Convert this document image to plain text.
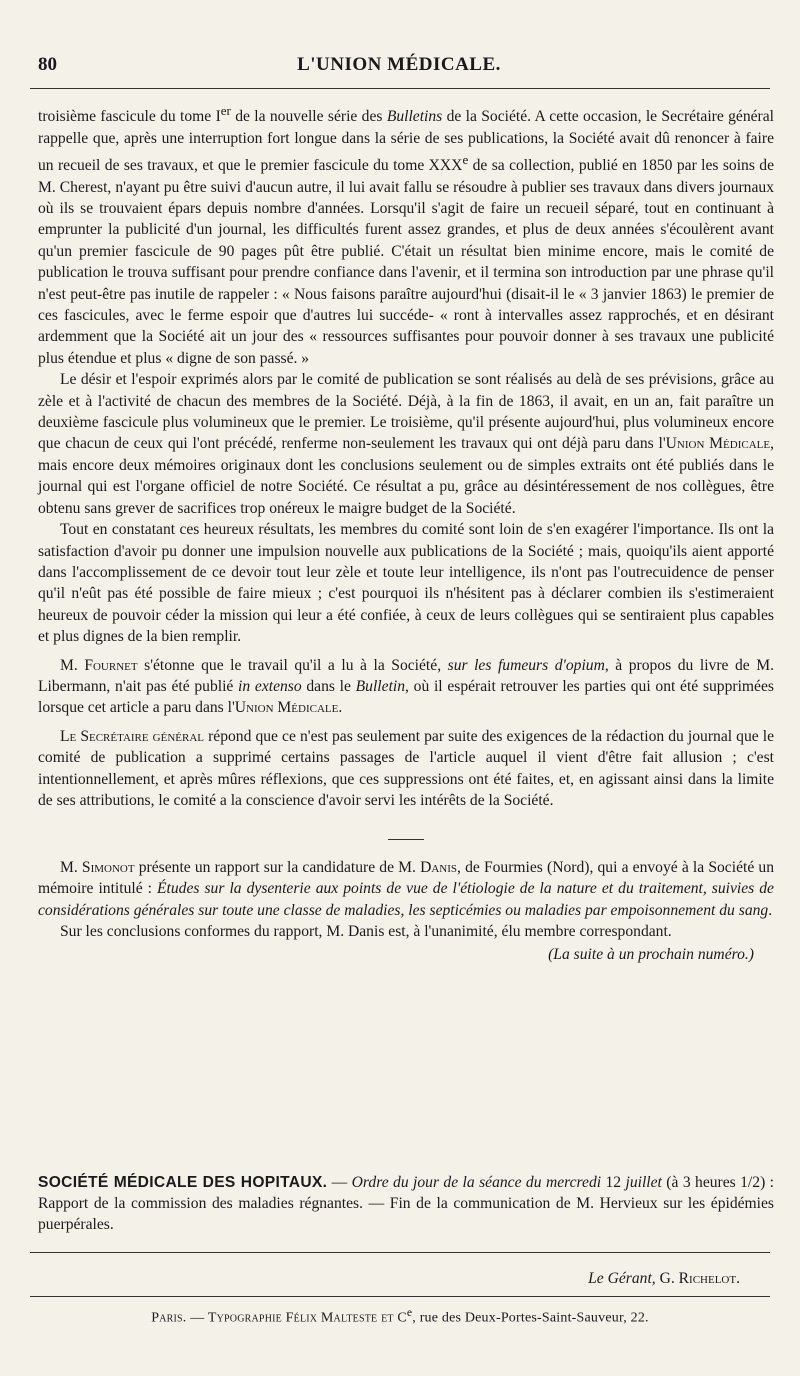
80	L'UNION MÉDICALE.

troisième fascicule du tome Ier de la nouvelle série des Bulletins de la Société. A cette occasion, le Secrétaire général rappelle que, après une interruption fort longue dans la série de ses publications, la Société avait dû renoncer à faire un recueil de ses travaux, et que le premier fascicule du tome XXXe de sa collection, publié en 1850 par les soins de M. Cherest, n'ayant pu être suivi d'aucun autre, il lui avait fallu se résoudre à publier ses travaux dans divers journaux où ils se trouvaient épars depuis nombre d'années. Lorsqu'il s'agit de faire un recueil séparé, tout en continuant à emprunter la publicité d'un journal, les difficultés furent assez grandes, et plus de deux années s'écoulèrent avant qu'un premier fascicule de 90 pages pût être publié. C'était un résultat bien minime encore, mais le comité de publication le trouva suffisant pour prendre confiance dans l'avenir, et il termina son introduction par une phrase qu'il n'est peut-être pas inutile de rappeler : « Nous faisons paraître aujourd'hui (disait-il le « 3 janvier 1863) le premier de ces fascicules, avec le ferme espoir que d'autres lui succéde- « ront à intervalles assez rapprochés, et en désirant ardemment que la Société ait un jour des « ressources suffisantes pour pouvoir donner à ses travaux une publicité plus étendue et plus « digne de son passé. »

Le désir et l'espoir exprimés alors par le comité de publication se sont réalisés au delà de ses prévisions, grâce au zèle et à l'activité de chacun des membres de la Société. Déjà, à la fin de 1863, il avait, en un an, fait paraître un deuxième fascicule plus volumineux que le premier. Le troisième, qu'il présente aujourd'hui, plus volumineux encore que chacun de ceux qui l'ont précédé, renferme non-seulement les travaux qui ont déjà paru dans l'Union Médicale, mais encore deux mémoires originaux dont les conclusions seulement ou de simples extraits ont été publiés dans le journal qui est l'organe officiel de notre Société. Ce résultat a pu, grâce au désintéressement de nos collègues, être obtenu sans grever de sacrifices trop onéreux le maigre budget de la Société.

Tout en constatant ces heureux résultats, les membres du comité sont loin de s'en exagérer l'importance. Ils ont la satisfaction d'avoir pu donner une impulsion nouvelle aux publications de la Société ; mais, quoiqu'ils aient apporté dans l'accomplissement de ce devoir tout leur zèle et toute leur intelligence, ils n'ont pas l'outrecuidence de penser qu'il n'eût pas été possible de faire mieux ; c'est pourquoi ils n'hésitent pas à déclarer combien ils s'estimeraient heureux de pouvoir céder la mission qui leur a été confiée, à ceux de leurs collègues qui se sentiraient plus capables et plus dignes de la bien remplir.

M. Fournet s'étonne que le travail qu'il a lu à la Société, sur les fumeurs d'opium, à propos du livre de M. Libermann, n'ait pas été publié in extenso dans le Bulletin, où il espérait retrouver les parties qui ont été supprimées lorsque cet article a paru dans l'Union Médicale.

Le Secrétaire général répond que ce n'est pas seulement par suite des exigences de la rédaction du journal que le comité de publication a supprimé certains passages de l'article auquel il vient d'être fait allusion ; c'est intentionnellement, et après mûres réflexions, que ces suppressions ont été faites, et, en agissant ainsi dans la limite de ses attributions, le comité a la conscience d'avoir servi les intérêts de la Société.

M. Simonot présente un rapport sur la candidature de M. Danis, de Fourmies (Nord), qui a envoyé à la Société un mémoire intitulé : Études sur la dysenterie aux points de vue de l'étiologie de la nature et du traitement, suivies de considérations générales sur toute une classe de maladies, les septicémies ou maladies par empoisonnement du sang.

Sur les conclusions conformes du rapport, M. Danis est, à l'unanimité, élu membre correspondant.

(La suite à un prochain numéro.)
SOCIÉTÉ MÉDICALE DES HOPITAUX. — Ordre du jour de la séance du mercredi 12 juillet (à 3 heures 1/2) : Rapport de la commission des maladies régnantes. — Fin de la communication de M. Hervieux sur les épidémies puerpérales.
Le Gérant, G. Richelot.
Paris. — Typographie Félix Malteste et Ce, rue des Deux-Portes-Saint-Sauveur, 22.
